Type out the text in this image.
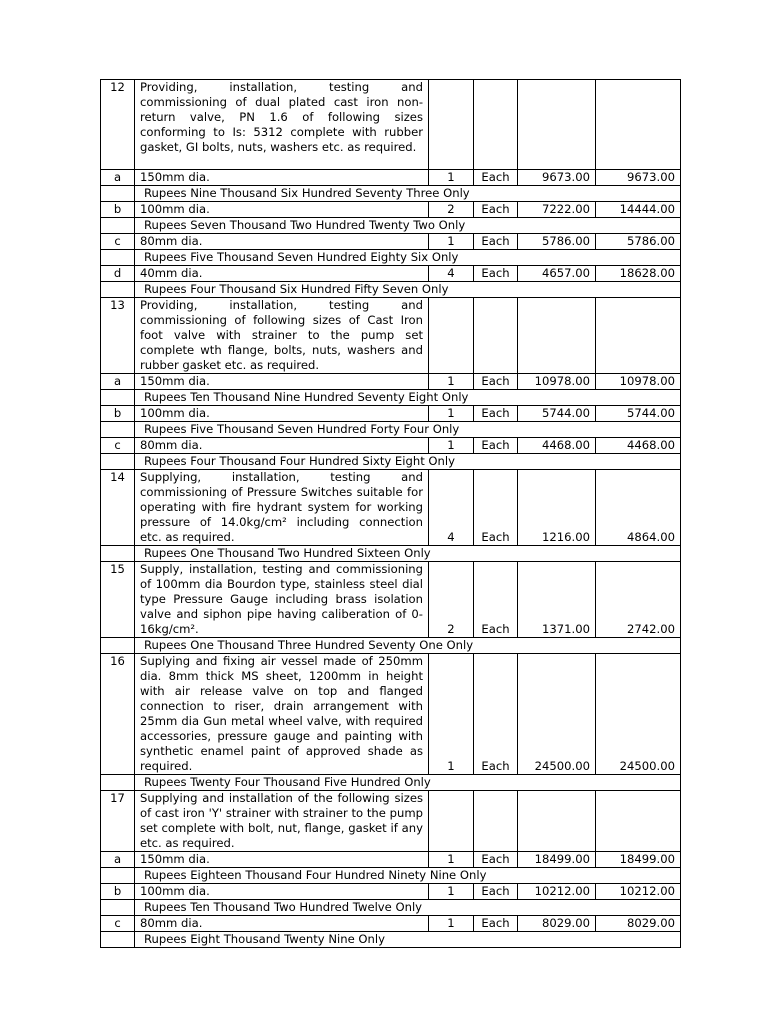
12	Providing, installation, testing and commissioning of dual plated cast iron non-return valve, PN 1.6 of following sizes conforming to Is: 5312 complete with rubber gasket, GI bolts, nuts, washers etc. as required.				
a	150mm dia.	1	Each	9673.00	9673.00
	Rupees Nine Thousand Six Hundred Seventy Three Only				
b	100mm dia.	2	Each	7222.00	14444.00
	Rupees Seven Thousand Two Hundred Twenty Two Only				
c	80mm dia.	1	Each	5786.00	5786.00
	Rupees Five Thousand Seven Hundred Eighty Six Only				
d	40mm dia.	4	Each	4657.00	18628.00
	Rupees Four Thousand Six Hundred Fifty Seven Only				
13	Providing, installation, testing and commissioning of following sizes of Cast Iron foot valve with strainer to the pump set complete wth flange, bolts, nuts, washers and rubber gasket etc. as required.				
a	150mm dia.	1	Each	10978.00	10978.00
	Rupees Ten Thousand Nine Hundred Seventy Eight Only				
b	100mm dia.	1	Each	5744.00	5744.00
	Rupees Five Thousand Seven Hundred Forty Four Only				
c	80mm dia.	1	Each	4468.00	4468.00
	Rupees Four Thousand Four Hundred Sixty Eight Only				
14	Supplying, installation, testing and commissioning of Pressure Switches suitable for operating with fire hydrant system for working pressure of 14.0kg/cm² including connection etc. as required.	4	Each	1216.00	4864.00
	Rupees One Thousand Two Hundred Sixteen Only				
15	Supply, installation, testing and commissioning of 100mm dia Bourdon type, stainless steel dial type Pressure Gauge including brass isolation valve and siphon pipe having caliberation of 0-16kg/cm².	2	Each	1371.00	2742.00
	Rupees One Thousand Three Hundred Seventy One Only				
16	Suplying and fixing air vessel made of 250mm dia. 8mm thick MS sheet, 1200mm in height with air release valve on top and flanged connection to riser, drain arrangement with 25mm dia Gun metal wheel valve, with required accessories, pressure gauge and painting with synthetic enamel paint of approved shade as required.	1	Each	24500.00	24500.00
	Rupees Twenty Four Thousand Five Hundred Only				
17	Supplying and installation of the following sizes of cast iron 'Y' strainer with strainer to the pump set complete with bolt, nut, flange, gasket if any etc. as required.				
a	150mm dia.	1	Each	18499.00	18499.00
	Rupees Eighteen Thousand Four Hundred Ninety Nine Only				
b	100mm dia.	1	Each	10212.00	10212.00
	Rupees Ten Thousand Two Hundred Twelve Only				
c	80mm dia.	1	Each	8029.00	8029.00
	Rupees Eight Thousand Twenty Nine Only				
